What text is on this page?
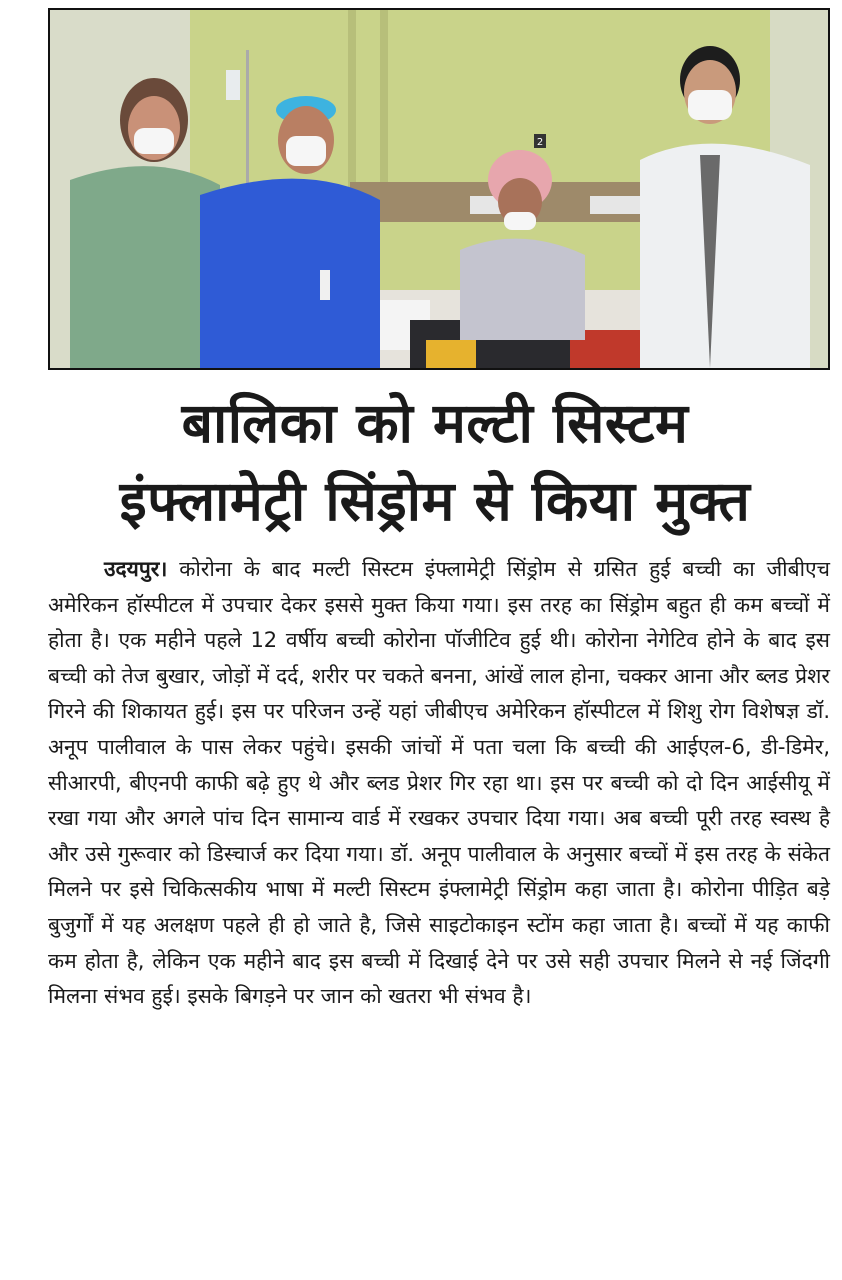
2
बालिका को मल्टी सिस्टम
इंफ्लामेट्री सिंड्रोम से किया मुक्त

उदयपुर। कोरोना के बाद मल्टी सिस्टम इंफ्लामेट्री सिंड्रोम से ग्रसित हुई बच्ची का जीबीएच अमेरिकन हॉस्पीटल में उपचार देकर इससे मुक्त किया गया। इस तरह का सिंड्रोम बहुत ही कम बच्चों में होता है। एक महीने पहले 12 वर्षीय बच्ची कोरोना पॉजीटिव हुई थी। कोरोना नेगेटिव होने के बाद इस बच्ची को तेज बुखार, जोड़ों में दर्द, शरीर पर चकते बनना, आंखें लाल होना, चक्कर आना और ब्लड प्रेशर गिरने की शिकायत हुई। इस पर परिजन उन्हें यहां जीबीएच अमेरिकन हॉस्पीटल में शिशु रोग विशेषज्ञ डॉ. अनूप पालीवाल के पास लेकर पहुंचे। इसकी जांचों में पता चला कि बच्ची की आईएल-6, डी-डिमेर, सीआरपी, बीएनपी काफी बढ़े हुए थे और ब्लड प्रेशर गिर रहा था। इस पर बच्ची को दो दिन आईसीयू में रखा गया और अगले पांच दिन सामान्य वार्ड में रखकर उपचार दिया गया। अब बच्ची पूरी तरह स्वस्थ है और उसे गुरूवार को डिस्चार्ज कर दिया गया। डॉ. अनूप पालीवाल के अनुसार बच्चों में इस तरह के संकेत मिलने पर इसे चिकित्सकीय भाषा में मल्टी सिस्टम इंफ्लामेट्री सिंड्रोम कहा जाता है। कोरोना पीड़ित बड़े बुजुर्गों में यह अलक्षण पहले ही हो जाते है, जिसे साइटोकाइन स्टोंम कहा जाता है। बच्चों में यह काफी कम होता है, लेकिन एक महीने बाद इस बच्ची में दिखाई देने पर उसे सही उपचार मिलने से नई जिंदगी मिलना संभव हुई। इसके बिगड़ने पर जान को खतरा भी संभव है।
